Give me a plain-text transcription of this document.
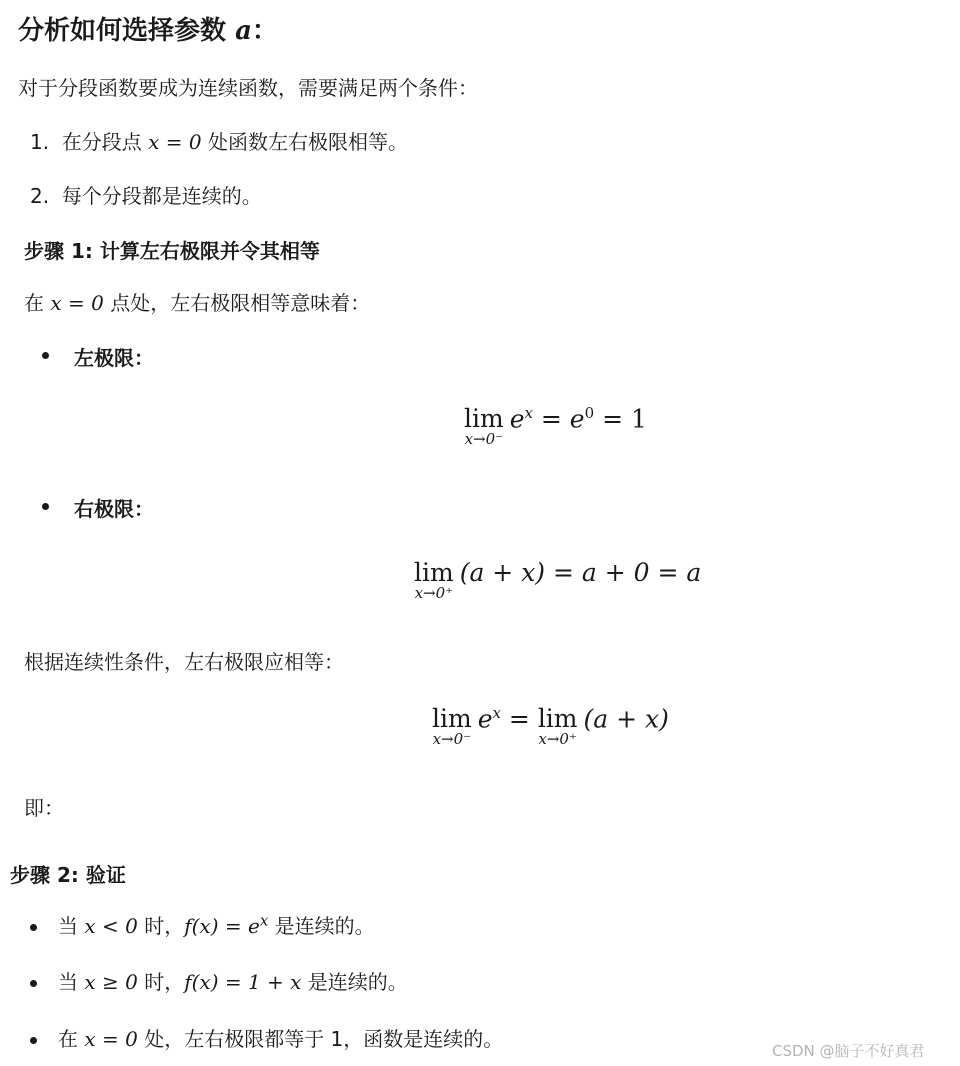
分析如何选择参数 a：
对于分段函数要成为连续函数，需要满足两个条件：
1. 在分段点 x = 0 处函数左右极限相等。
2. 每个分段都是连续的。
步骤 1: 计算左右极限并令其相等
在 x = 0 点处，左右极限相等意味着：
左极限：
lim
x→0⁻
$e^x = e^0 = 1$
右极限：
lim
x→0⁺
(a + x) = a + 0 = a
根据连续性条件，左右极限应相等：
lim
x→0⁻
$e^x = \lim$
x→0⁺
(a + x)
即：
步骤 2: 验证
当 x < 0 时，$f(x) = e^x$ 是连续的。
当 x ≥ 0 时，f(x) = 1 + x 是连续的。
在 x = 0 处，左右极限都等于 1，函数是连续的。	CSDN @脑子不好真君
